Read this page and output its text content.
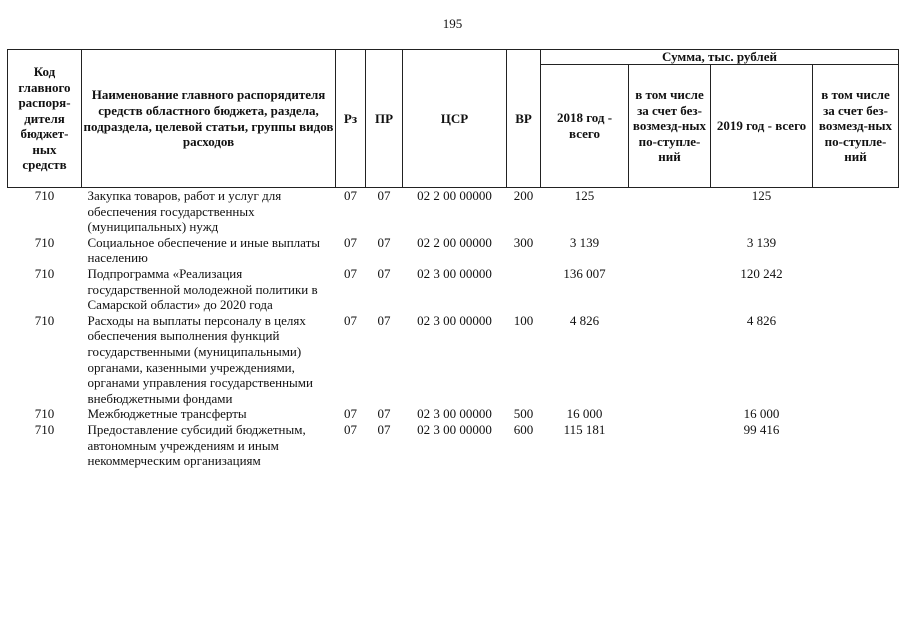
195
Код главного распоря-дителя бюджет-ных средств	Наименование главного распорядителя средств областного бюджета, раздела, подраздела, целевой статьи, группы видов расходов	Рз	ПР	ЦСР	ВР	Сумма, тыс. рублей			
						2018 год - всего	в том числе за счет без-возмезд-ных по-ступле-ний	2019 год - всего	в том числе за счет без-возмезд-ных по-ступле-ний
710	Закупка товаров, работ и услуг для обеспечения государственных (муниципальных) нужд	07	07	02 2 00 00000	200	125		125	
710	Социальное обеспечение и иные выплаты населению	07	07	02 2 00 00000	300	3 139		3 139	
710	Подпрограмма «Реализация государственной молодежной политики в Самарской области» до 2020 года	07	07	02 3 00 00000		136 007		120 242	
710	Расходы на выплаты персоналу в целях обеспечения выполнения функций государственными (муниципальными) органами, казенными учреждениями, органами управления государственными внебюджетными фондами	07	07	02 3 00 00000	100	4 826		4 826	
710	Межбюджетные трансферты	07	07	02 3 00 00000	500	16 000		16 000	
710	Предоставление субсидий бюджетным, автономным учреждениям и иным некоммерческим организациям	07	07	02 3 00 00000	600	115 181		99 416	
